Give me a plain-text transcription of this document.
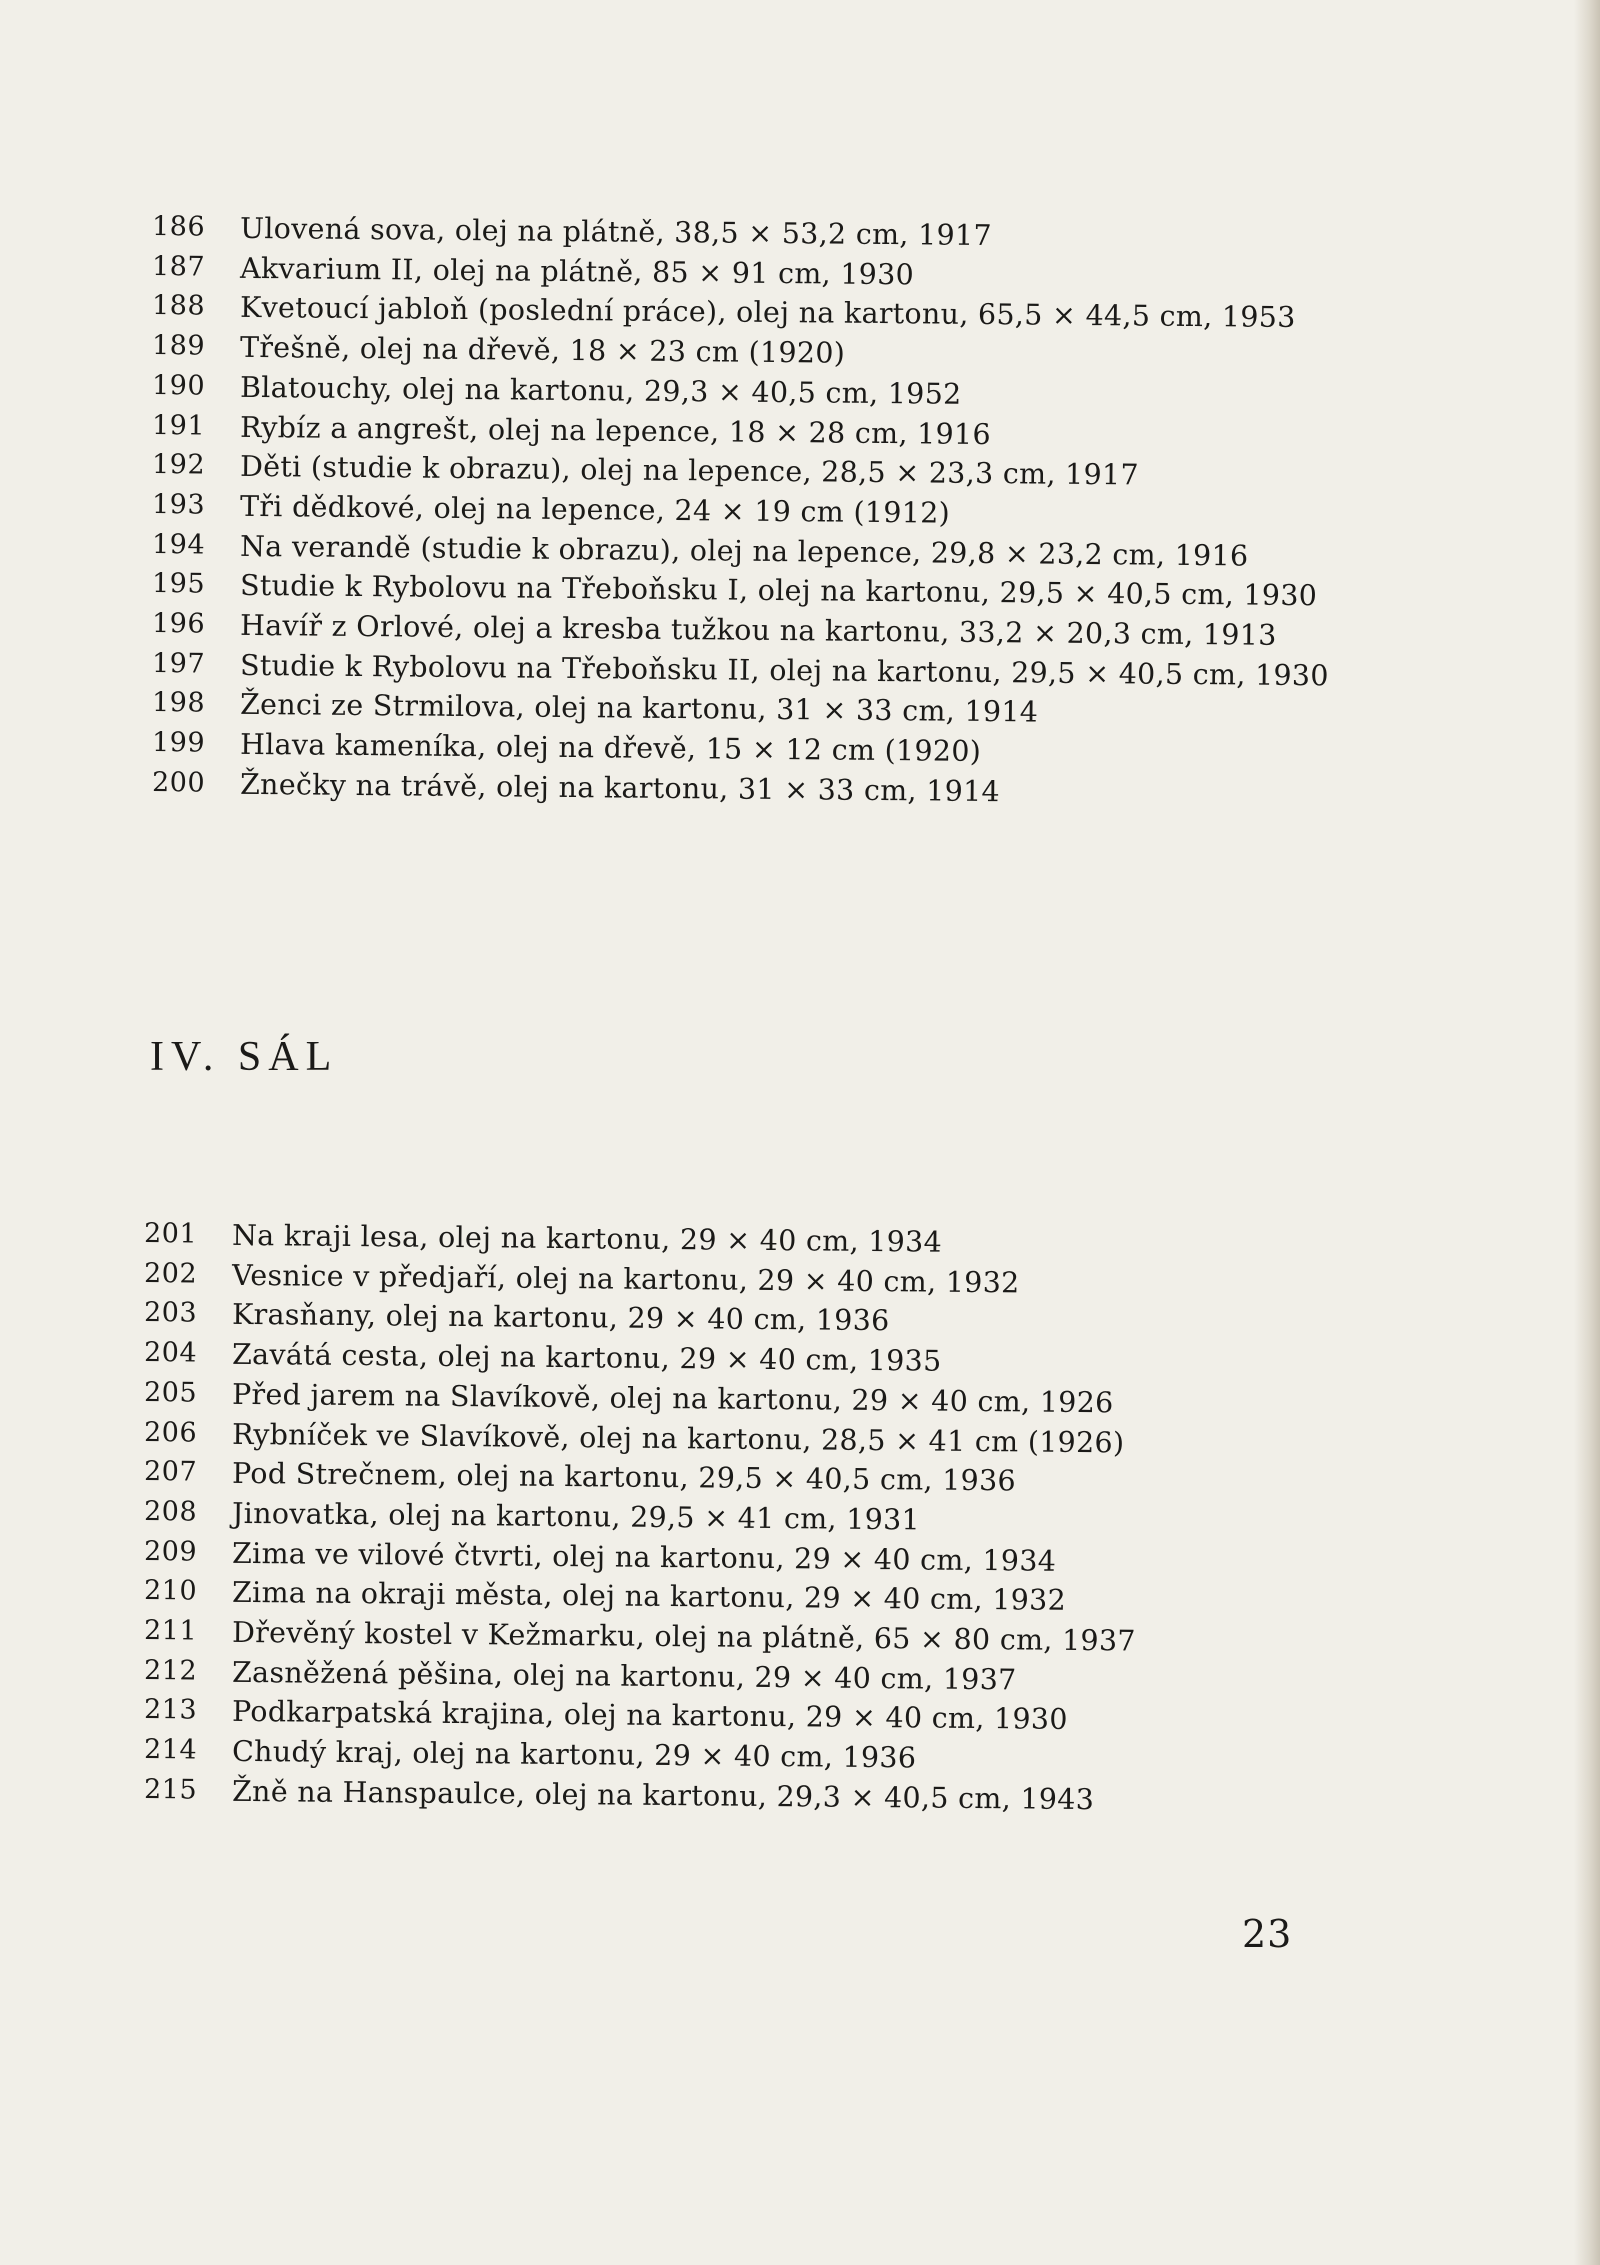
186	Ulovená sova, olej na plátně, 38,5 × 53,2 cm, 1917
187	Akvarium II, olej na plátně, 85 × 91 cm, 1930
188	Kvetoucí jabloň (poslední práce), olej na kartonu, 65,5 × 44,5 cm, 1953
189	Třešně, olej na dřevě, 18 × 23 cm (1920)
190	Blatouchy, olej na kartonu, 29,3 × 40,5 cm, 1952
191	Rybíz a angrešt, olej na lepence, 18 × 28 cm, 1916
192	Děti (studie k obrazu), olej na lepence, 28,5 × 23,3 cm, 1917
193	Tři dědkové, olej na lepence, 24 × 19 cm (1912)
194	Na verandě (studie k obrazu), olej na lepence, 29,8 × 23,2 cm, 1916
195	Studie k Rybolovu na Třeboňsku I, olej na kartonu, 29,5 × 40,5 cm, 1930
196	Havíř z Orlové, olej a kresba tužkou na kartonu, 33,2 × 20,3 cm, 1913
197	Studie k Rybolovu na Třeboňsku II, olej na kartonu, 29,5 × 40,5 cm, 1930
198	Ženci ze Strmilova, olej na kartonu, 31 × 33 cm, 1914
199	Hlava kameníka, olej na dřevě, 15 × 12 cm (1920)
200	Žnečky na trávě, olej na kartonu, 31 × 33 cm, 1914
201	Na kraji lesa, olej na kartonu, 29 × 40 cm, 1934
202	Vesnice v předjaří, olej na kartonu, 29 × 40 cm, 1932
203	Krasňany, olej na kartonu, 29 × 40 cm, 1936
204	Zavátá cesta, olej na kartonu, 29 × 40 cm, 1935
205	Před jarem na Slavíkově, olej na kartonu, 29 × 40 cm, 1926
206	Rybníček ve Slavíkově, olej na kartonu, 28,5 × 41 cm (1926)
207	Pod Strečnem, olej na kartonu, 29,5 × 40,5 cm, 1936
208	Jinovatka, olej na kartonu, 29,5 × 41 cm, 1931
209	Zima ve vilové čtvrti, olej na kartonu, 29 × 40 cm, 1934
210	Zima na okraji města, olej na kartonu, 29 × 40 cm, 1932
211	Dřevěný kostel v Kežmarku, olej na plátně, 65 × 80 cm, 1937
212	Zasněžená pěšina, olej na kartonu, 29 × 40 cm, 1937
213	Podkarpatská krajina, olej na kartonu, 29 × 40 cm, 1930
214	Chudý kraj, olej na kartonu, 29 × 40 cm, 1936
215	Žně na Hanspaulce, olej na kartonu, 29,3 × 40,5 cm, 1943
IV. SÁL
23
